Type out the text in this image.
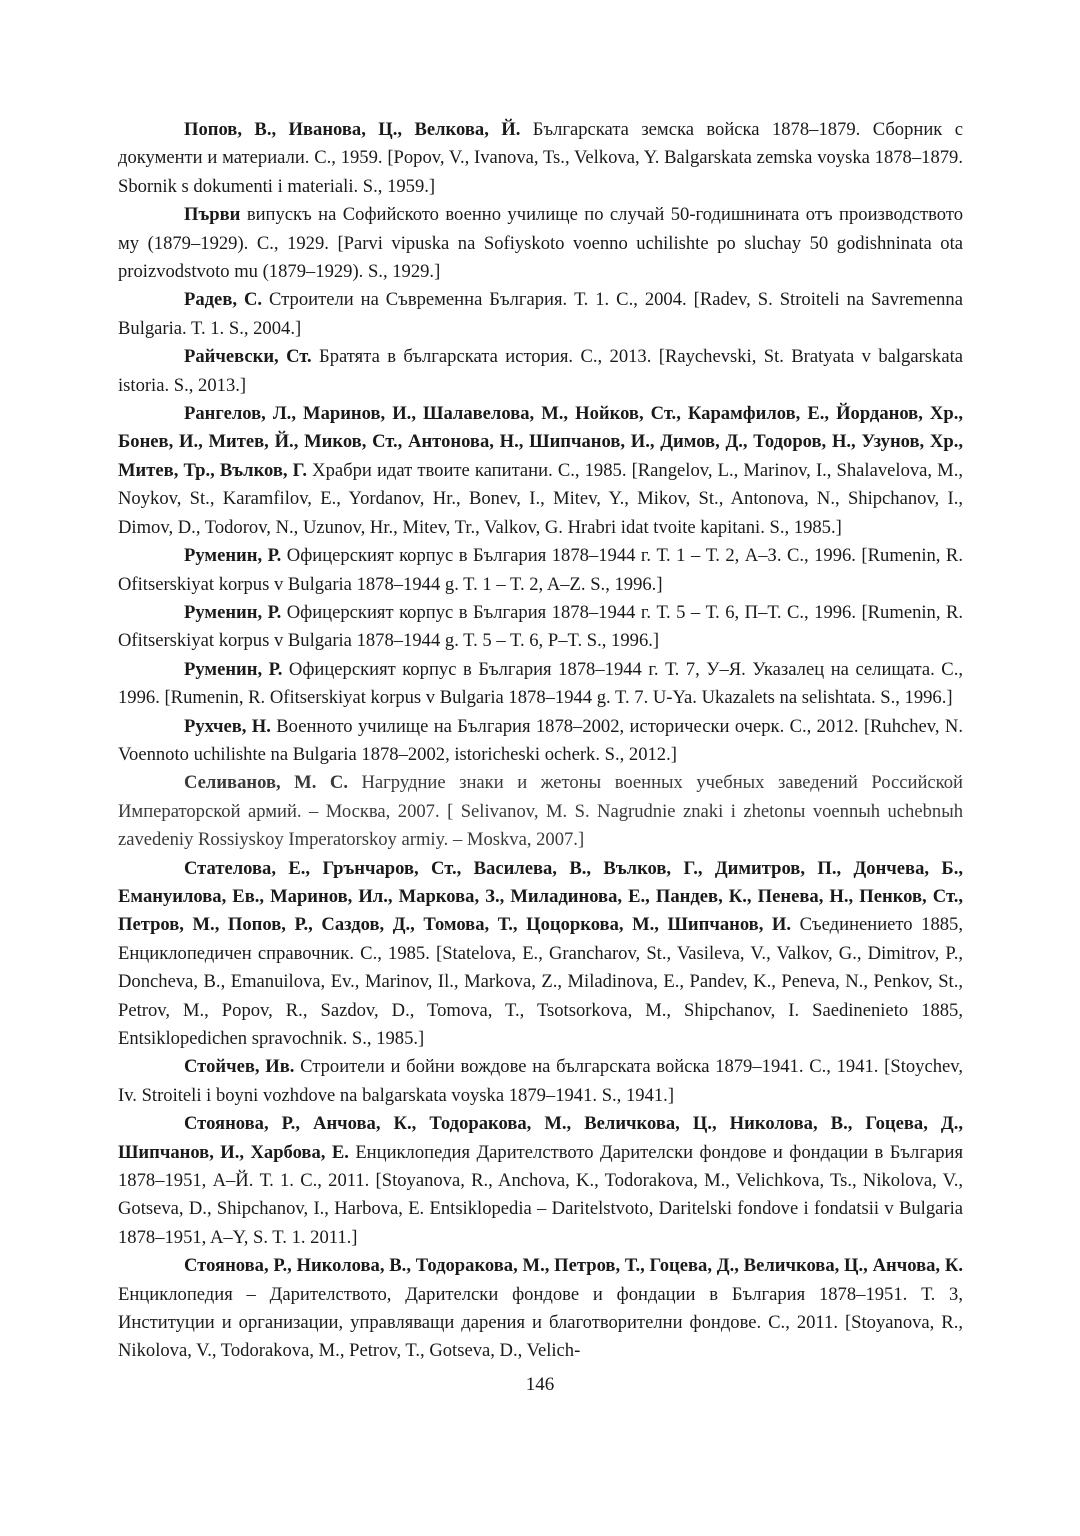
Попов, В., Иванова, Ц., Велкова, Й. Българската земска войска 1878–1879. Сборник с документи и материали. С., 1959. [Popov, V., Ivanova, Ts., Velkova, Y. Balgarskata zemska voyska 1878–1879. Sbornik s dokumenti i materiali. S., 1959.]

Първи випускъ на Софийското военно училище по случай 50-годишнината отъ производството му (1879–1929). С., 1929. [Parvi vipuska na Sofiyskoto voenno uchilishte po sluchay 50 godishninata ota proizvodstvoto mu (1879–1929). S., 1929.]

Радев, С. Строители на Съвременна България. Т. 1. С., 2004. [Radev, S. Stroiteli na Savremenna Bulgaria. T. 1. S., 2004.]

Райчевски, Ст. Братята в българската история. С., 2013. [Raychevski, St. Bratyata v balgarskata istoria. S., 2013.]

Рангелов, Л., Маринов, И., Шалавелова, М., Нойков, Ст., Карамфилов, Е., Йорданов, Хр., Бонев, И., Митев, Й., Миков, Ст., Антонова, Н., Шипчанов, И., Димов, Д., Тодоров, Н., Узунов, Хр., Митев, Тр., Вълков, Г. Храбри идат твоите капитани. С., 1985. [Rangelov, L., Marinov, I., Shalavelova, M., Noykov, St., Karamfilov, E., Yordanov, Hr., Bonev, I., Mitev, Y., Mikov, St., Antonova, N., Shipchanov, I., Dimov, D., Todorov, N., Uzunov, Hr., Mitev, Tr., Valkov, G. Hrabri idat tvoite kapitani. S., 1985.]

Руменин, Р. Офицерският корпус в България 1878–1944 г. Т. 1 – Т. 2, А–З. С., 1996. [Rumenin, R. Ofitserskiyat korpus v Bulgaria 1878–1944 g. T. 1 – T. 2, A–Z. S., 1996.]

Руменин, Р. Офицерският корпус в България 1878–1944 г. Т. 5 – Т. 6, П–Т. С., 1996. [Rumenin, R. Ofitserskiyat korpus v Bulgaria 1878–1944 g. T. 5 – T. 6, P–T. S., 1996.]

Руменин, Р. Офицерският корпус в България 1878–1944 г. Т. 7, У–Я. Указалец на селищата. С., 1996. [Rumenin, R. Ofitserskiyat korpus v Bulgaria 1878–1944 g. T. 7. U-Ya. Ukazalets na selishtata. S., 1996.]

Рухчев, Н. Военното училище на България 1878–2002, исторически очерк. С., 2012. [Ruhchev, N. Voennoto uchilishte na Bulgaria 1878–2002, istoricheski ocherk. S., 2012.]

Селиванов, М. С. Нагрудние знаки и жетоны военных учебных заведений Российской Императорской армий. – Москва, 2007. [ Selivanov, M. S. Nagrudnie znaki i zhetonы voennыh uchebnыh zavedeniy Rossiyskoy Imperatorskoy armiy. – Moskva, 2007.]

Стателова, Е., Грънчаров, Ст., Василева, В., Вълков, Г., Димитров, П., Дончева, Б., Емануилова, Ев., Маринов, Ил., Маркова, З., Миладинова, Е., Пандев, К., Пенева, Н., Пенков, Ст., Петров, М., Попов, Р., Саздов, Д., Томова, Т., Цоцоркова, М., Шипчанов, И. Съединението 1885, Енциклопедичен справочник. С., 1985. [Statelova, E., Grancharov, St., Vasileva, V., Valkov, G., Dimitrov, P., Doncheva, B., Emanuilova, Ev., Marinov, Il., Markova, Z., Miladinova, E., Pandev, K., Peneva, N., Penkov, St., Petrov, M., Popov, R., Sazdov, D., Tomova, T., Tsotsorkova, M., Shipchanov, I. Saedinenieto 1885, Entsiklopedichen spravochnik. S., 1985.]

Стойчев, Ив. Строители и бойни вождове на българската войска 1879–1941. С., 1941. [Stoychev, Iv. Stroiteli i boyni vozhdove na balgarskata voyska 1879–1941. S., 1941.]

Стоянова, Р., Анчова, К., Тодоракова, М., Величкова, Ц., Николова, В., Гоцева, Д., Шипчанов, И., Харбова, Е. Енциклопедия Дарителството Дарителски фондове и фондации в България 1878–1951, А–Й. Т. 1. С., 2011. [Stoyanova, R., Anchova, K., Todorakova, M., Velichkova, Ts., Nikolova, V., Gotseva, D., Shipchanov, I., Harbova, E. Entsiklopedia – Daritelstvoto, Daritelski fondove i fondatsii v Bulgaria 1878–1951, A–Y, S. T. 1. 2011.]

Стоянова, Р., Николова, В., Тодоракова, М., Петров, Т., Гоцева, Д., Величкова, Ц., Анчова, К. Енциклопедия – Дарителството, Дарителски фондове и фондации в България 1878–1951. Т. 3, Институции и организации, управляващи дарения и благотворителни фондове. С., 2011. [Stoyanova, R., Nikolova, V., Todorakova, M., Petrov, T., Gotseva, D., Velich-

146
